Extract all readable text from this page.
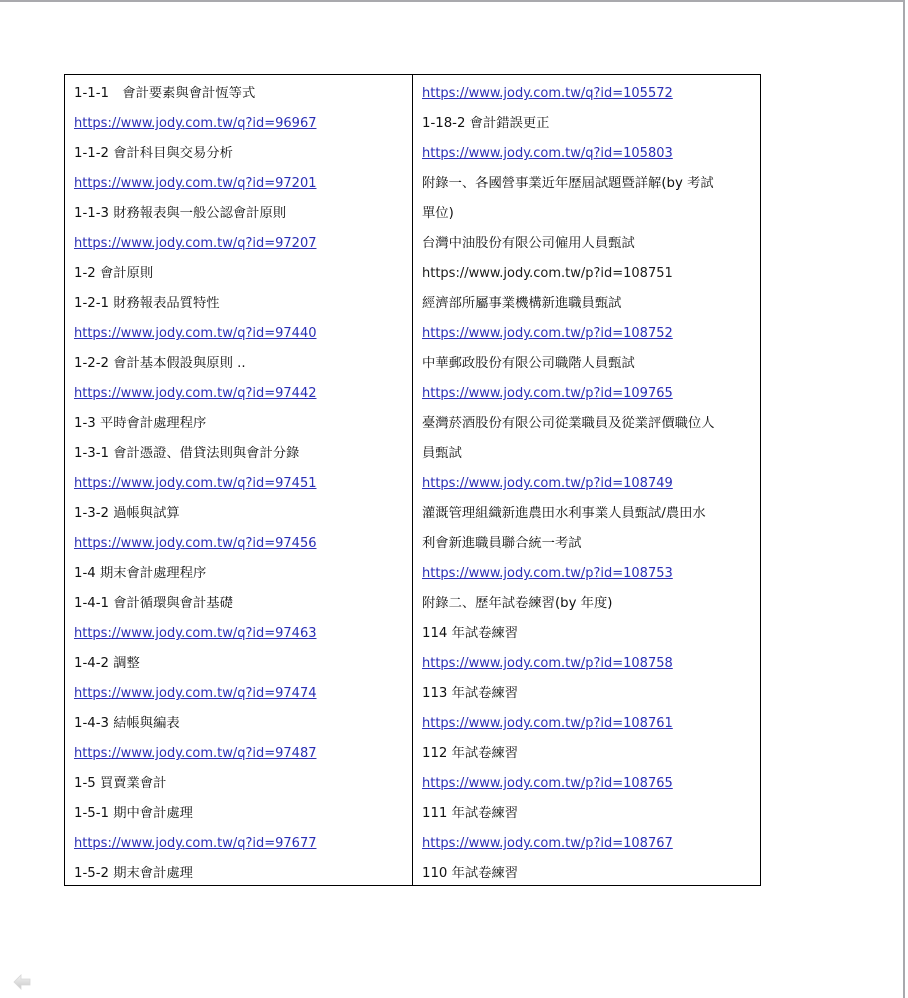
1-1-1　會計要素與會計恆等式
https://www.jody.com.tw/q?id=96967
1-1-2 會計科目與交易分析
https://www.jody.com.tw/q?id=97201
1-1-3 財務報表與一般公認會計原則
https://www.jody.com.tw/q?id=97207
1-2 會計原則
1-2-1 財務報表品質特性
https://www.jody.com.tw/q?id=97440
1-2-2 會計基本假設與原則 ..
https://www.jody.com.tw/q?id=97442
1-3 平時會計處理程序
1-3-1 會計憑證、借貸法則與會計分錄
https://www.jody.com.tw/q?id=97451
1-3-2 過帳與試算
https://www.jody.com.tw/q?id=97456
1-4 期末會計處理程序
1-4-1 會計循環與會計基礎
https://www.jody.com.tw/q?id=97463
1-4-2 調整
https://www.jody.com.tw/q?id=97474
1-4-3 結帳與編表
https://www.jody.com.tw/q?id=97487
1-5 買賣業會計
1-5-1 期中會計處理
https://www.jody.com.tw/q?id=97677
1-5-2 期末會計處理
https://www.jody.com.tw/q?id=105572
1-18-2 會計錯誤更正
https://www.jody.com.tw/q?id=105803
附錄一、各國營事業近年歷屆試題暨詳解(by 考試
單位)
台灣中油股份有限公司僱用人員甄試
https://www.jody.com.tw/p?id=108751
經濟部所屬事業機構新進職員甄試
https://www.jody.com.tw/p?id=108752
中華郵政股份有限公司職階人員甄試
https://www.jody.com.tw/p?id=109765
臺灣菸酒股份有限公司從業職員及從業評價職位人
員甄試
https://www.jody.com.tw/p?id=108749
灌溉管理組織新進農田水利事業人員甄試/農田水
利會新進職員聯合統一考試
https://www.jody.com.tw/p?id=108753
附錄二、歷年試卷練習(by 年度)
114 年試卷練習
https://www.jody.com.tw/p?id=108758
113 年試卷練習
https://www.jody.com.tw/p?id=108761
112 年試卷練習
https://www.jody.com.tw/p?id=108765
111 年試卷練習
https://www.jody.com.tw/p?id=108767
110 年試卷練習
